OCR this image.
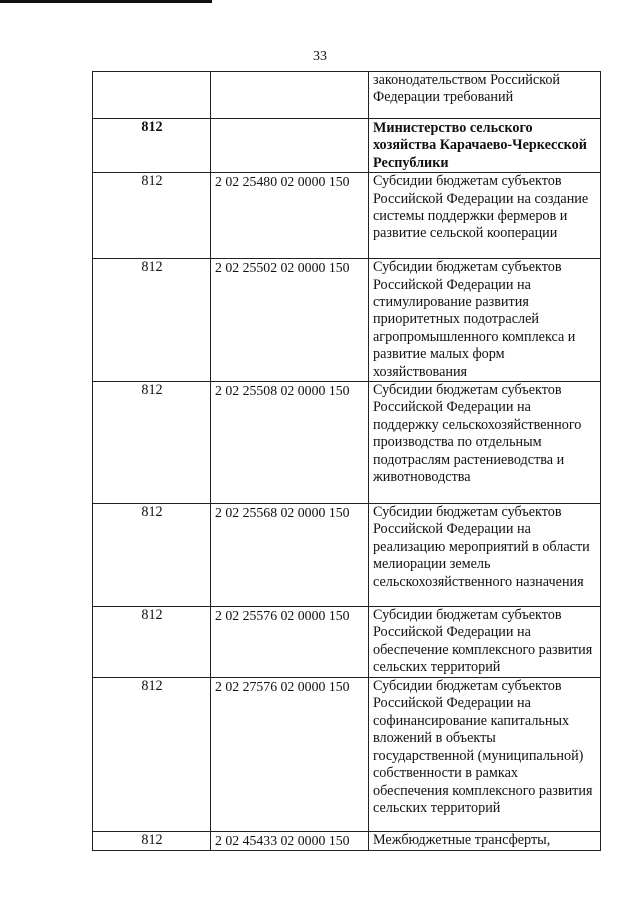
33
		законодательством Российской Федерации требований
812		Министерство сельского хозяйства Карачаево-Черкесской Республики
812	2 02 25480 02 0000 150	Субсидии бюджетам субъектов Российской Федерации на создание системы поддержки фермеров и развитие сельской кооперации
812	2 02 25502 02 0000 150	Субсидии бюджетам субъектов Российской Федерации на стимулирование развития приоритетных подотраслей агропромышленного комплекса и развитие малых форм хозяйствования
812	2 02 25508 02 0000 150	Субсидии бюджетам субъектов Российской Федерации на поддержку сельскохозяйственного производства по отдельным подотраслям растениеводства и животноводства
812	2 02 25568 02 0000 150	Субсидии бюджетам субъектов Российской Федерации на реализацию мероприятий в области мелиорации земель сельскохозяйственного назначения
812	2 02 25576 02 0000 150	Субсидии бюджетам субъектов Российской Федерации на обеспечение комплексного развития сельских территорий
812	2 02 27576 02 0000 150	Субсидии бюджетам субъектов Российской Федерации на софинансирование капитальных вложений в объекты государственной (муниципальной) собственности в рамках обеспечения комплексного развития сельских территорий
812	2 02 45433 02 0000 150	Межбюджетные трансферты,
